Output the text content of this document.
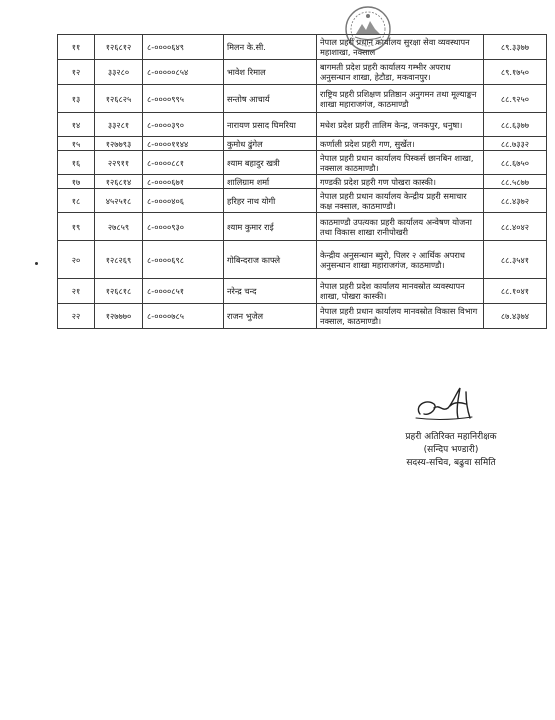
११	१२६८१२	८-००००६४९	मिलन के.सी.	नेपाल प्रहरी प्रधान कार्यालय सुरक्षा सेवा व्यवस्थापन महाशाखा, नक्साल	८९.३३७७
१२	३३२८०	८-०००००८५४	भावेश रिमाल	बागमती प्रदेश प्रहरी कार्यालय गम्भीर अपराध अनुसन्धान शाखा, हेटौडा, मकवानपुर।	८९.१७५०
१३	१२६८२५	८-००००९९५	सन्तोष आचार्य	राष्ट्रिय प्रहरी प्रशिक्षण प्रतिष्ठान अनुगमन तथा मूल्याङ्कन शाखा महाराजगंज, काठमाण्डौ	८८.९२५०
१४	३३२८१	८-००००३९०	नारायण प्रसाद घिमरिया	मधेश प्रदेश प्रहरी तालिम केन्द्र, जनकपुर, धनुषा।	८८.६३७७
१५	१२७७९३	८-००००११४४	कुमोध ढुंगेल	कर्णाली प्रदेश प्रहरी गण, सुर्खेत।	८८.७३३२
१६	२२९११	८-००००८८१	श्याम बहादुर खत्री	नेपाल प्रहरी प्रधान कार्यालय पिस्कर्स छानबिन शाखा, नक्साल काठमाण्डौ।	८८.६७५०
१७	१२६८१४	८-००००६७१	शालिग्राम शर्मा	गण्डकी प्रदेश प्रहरी गण पोखरा कास्की।	८८.५८७७
१८	४५२५१८	८-००००४०६	हरिहर नाथ योगी	नेपाल प्रहरी प्रधान कार्यालय केन्द्रीय प्रहरी समाचार कक्ष नक्साल, काठमाण्डौ।	८८.४३७२
१९	२७८५९	८-००००९३०	श्याम कुमार राई	काठमाण्डौ उपत्यका प्रहरी कार्यालय अन्वेषण योजना तथा विकास शाखा रानीपोखरी	८८.४०४२
२०	१२८२६९	८-००००६९८	गोबिन्दराज काफ्ले	केन्द्रीय अनुसन्धान ब्युरो, पिलर २ आर्थिक अपराध अनुसन्धान शाखा महाराजगंज, काठमाण्डौ।	८८.३५४१
२१	१२६८१८	८-००००८५१	नरेन्द्र चन्द	नेपाल प्रहरी प्रदेश कार्यालय मानवस्रोत व्यवस्थापन शाखा, पोखरा कास्की।	८८.१०४१
२२	१२७७७०	८-००००७८५	राजन भुजेल	नेपाल प्रहरी प्रधान कार्यालय मानवस्रोत विकास विभाग नक्साल, काठमाण्डौ।	८७.४३७४
प्रहरी अतिरिक्त महानिरीक्षक
(सन्दिप भण्डारी)
सदस्य-सचिव, बढुवा समिति
